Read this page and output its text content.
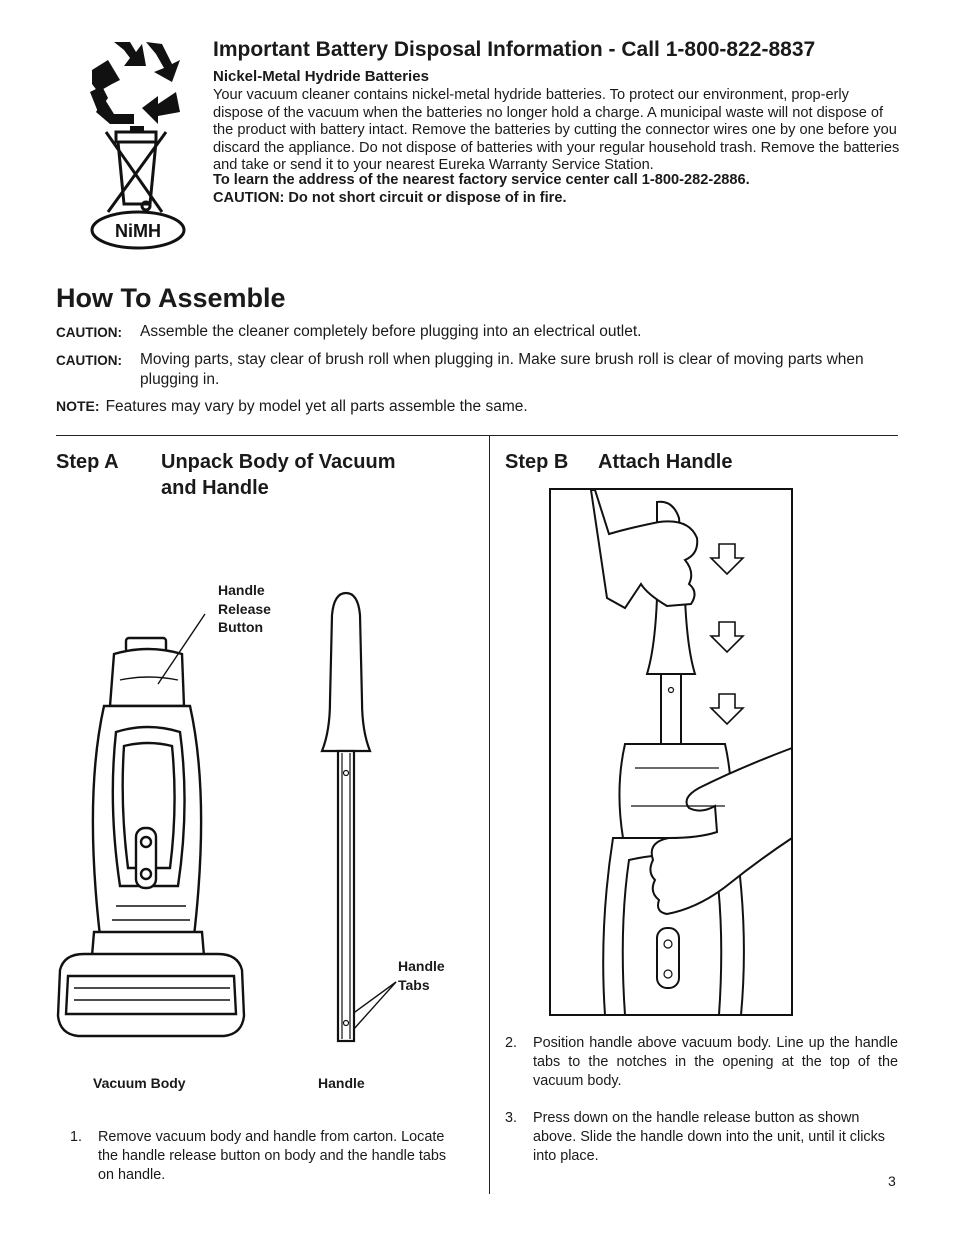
NiMH
Important Battery Disposal Information - Call 1-800-822-8837
Nickel-Metal Hydride Batteries
Your vacuum cleaner contains nickel-metal hydride batteries. To protect our environment, prop-erly dispose of the vacuum when the batteries no longer hold a charge. A municipal waste will not dispose of the product with battery intact. Remove the batteries by cutting the connector wires one by one before you discard the appliance. Do not dispose of batteries with your regular household trash. Remove the batteries and take or send it to your nearest Eureka Warranty Service Station.
To learn the address of the nearest factory service center call 1-800-282-2886.
CAUTION: Do not short circuit or dispose of in fire.
How To Assemble
CAUTION:	Assemble the cleaner completely before plugging into an electrical outlet.
CAUTION:	Moving parts, stay clear of brush roll when plugging in. Make sure brush roll is clear of moving parts when plugging in.
NOTE: Features may vary by model yet all parts assemble the same.
Step A Unpack Body of Vacuum
and Handle
Handle
Release
Button
Handle
Tabs
Vacuum Body	Handle
1.	Remove vacuum body and handle from carton. Locate the handle release button on body and the handle tabs on handle.
Step B Attach Handle
2.	Position handle above vacuum body. Line up the handle tabs to the notches in the opening at the top of the vacuum body.
3.	Press down on the handle release button as shown above. Slide the handle down into the unit, until it clicks into place.
3
